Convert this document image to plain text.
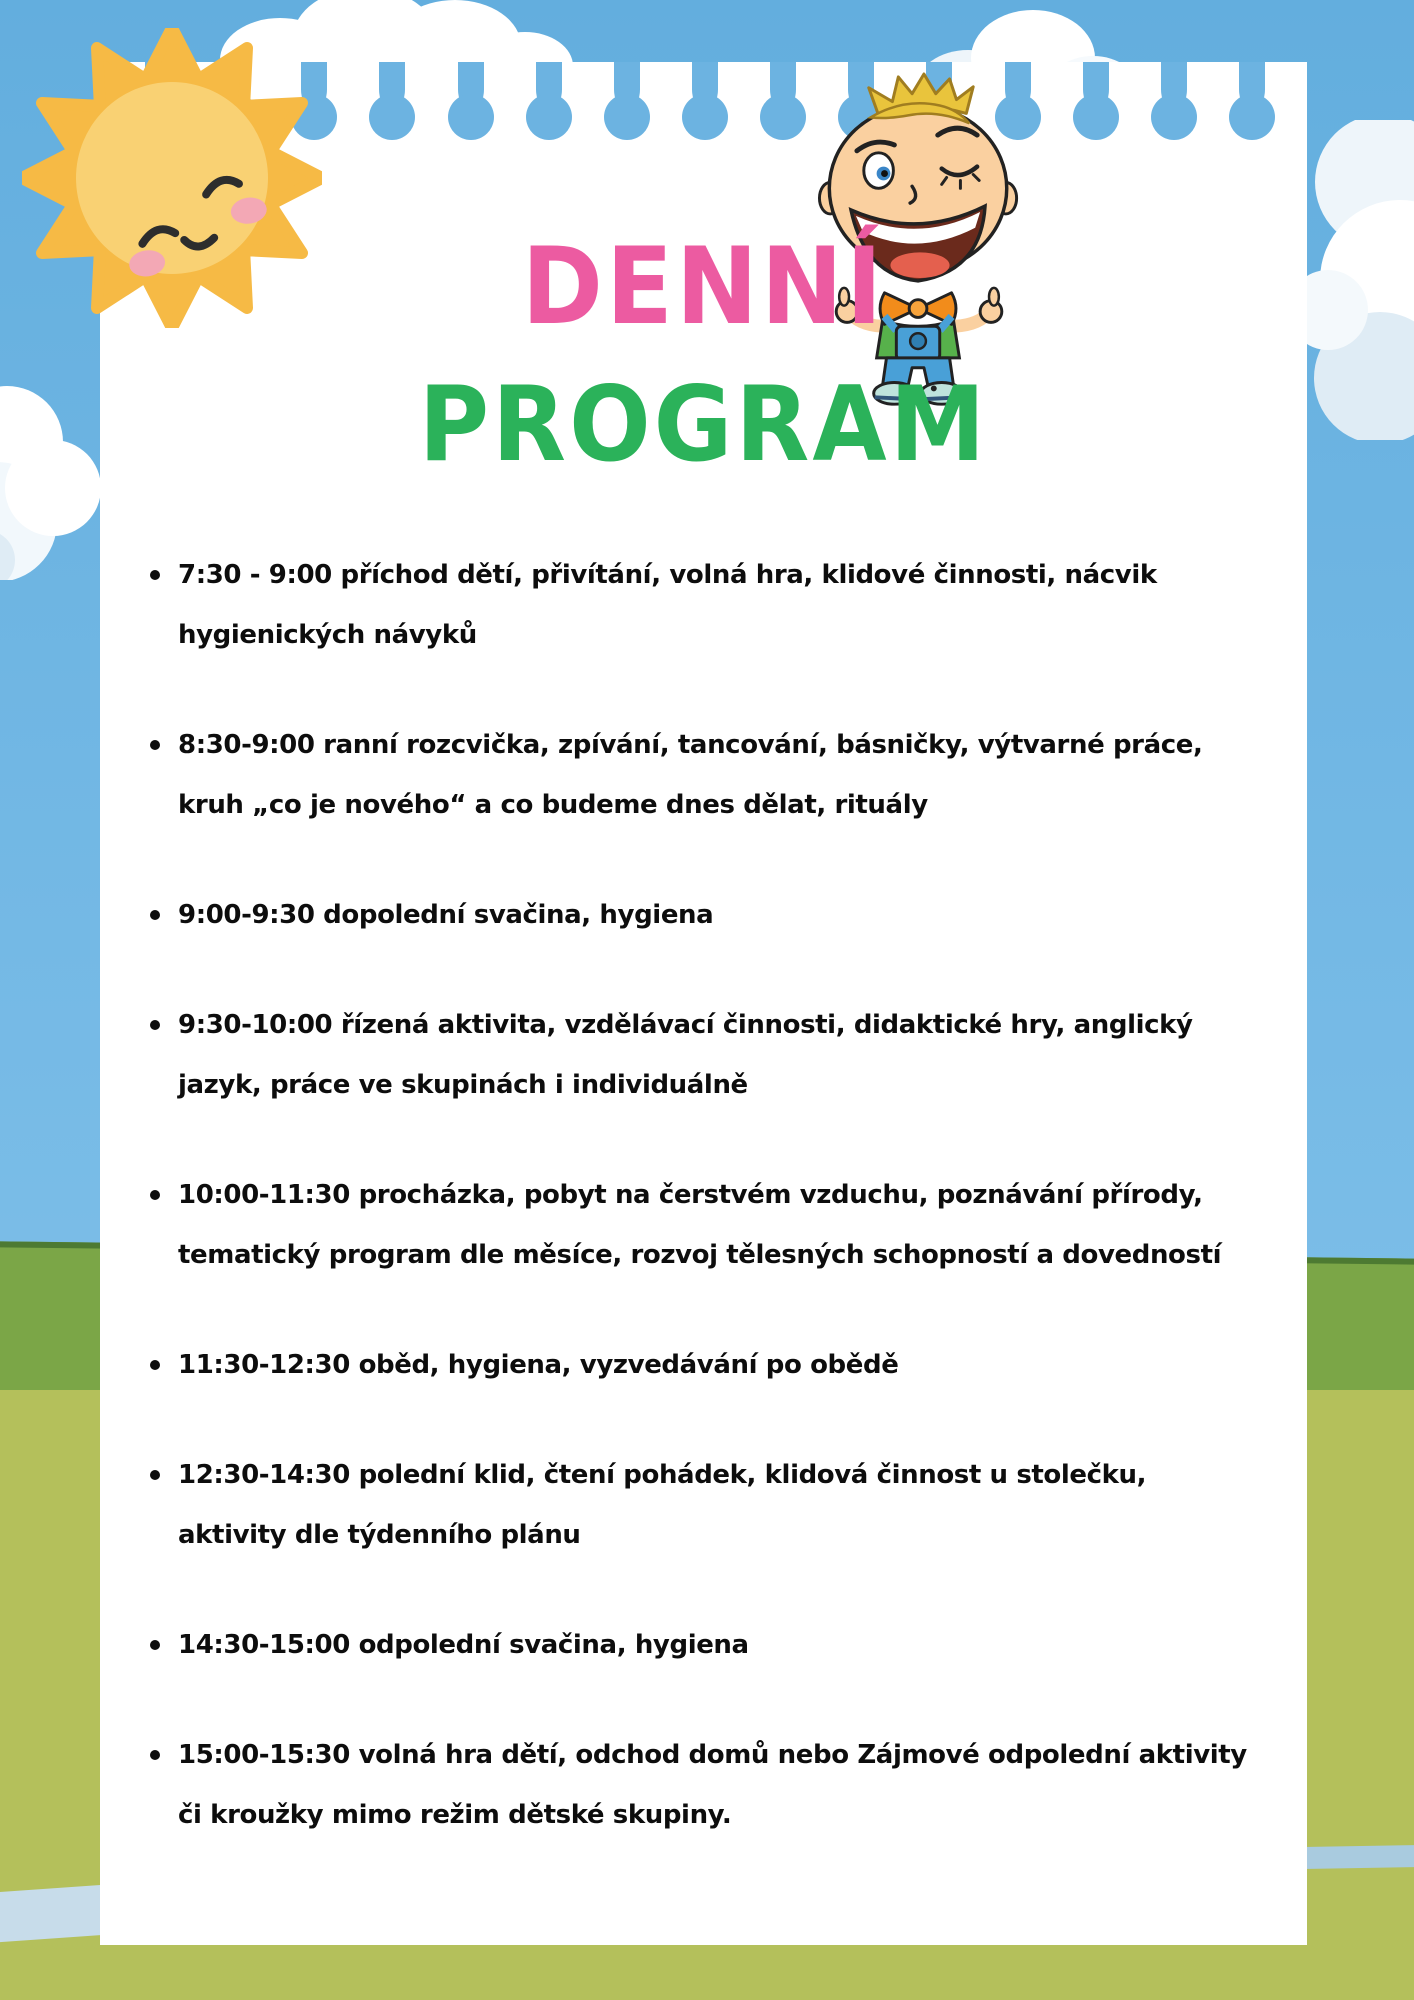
DENNÍ
PROGRAM
7:30 - 9:00 příchod dětí, přivítání, volná hra, klidové činnosti, nácvik
hygienických návyků
8:30-9:00 ranní rozcvička, zpívání, tancování, básničky, výtvarné práce,
kruh „co je nového“ a co budeme dnes dělat, rituály
9:00-9:30 dopolední svačina, hygiena
9:30-10:00 řízená aktivita, vzdělávací činnosti, didaktické hry, anglický
jazyk, práce ve skupinách i individuálně
10:00-11:30 procházka, pobyt na čerstvém vzduchu, poznávání přírody,
tematický program dle měsíce, rozvoj tělesných schopností a dovedností
11:30-12:30 oběd, hygiena, vyzvedávání po obědě
12:30-14:30 polední klid, čtení pohádek, klidová činnost u stolečku,
aktivity dle týdenního plánu
14:30-15:00 odpolední svačina, hygiena
15:00-15:30 volná hra dětí, odchod domů nebo Zájmové odpolední aktivity
či kroužky mimo režim dětské skupiny.
